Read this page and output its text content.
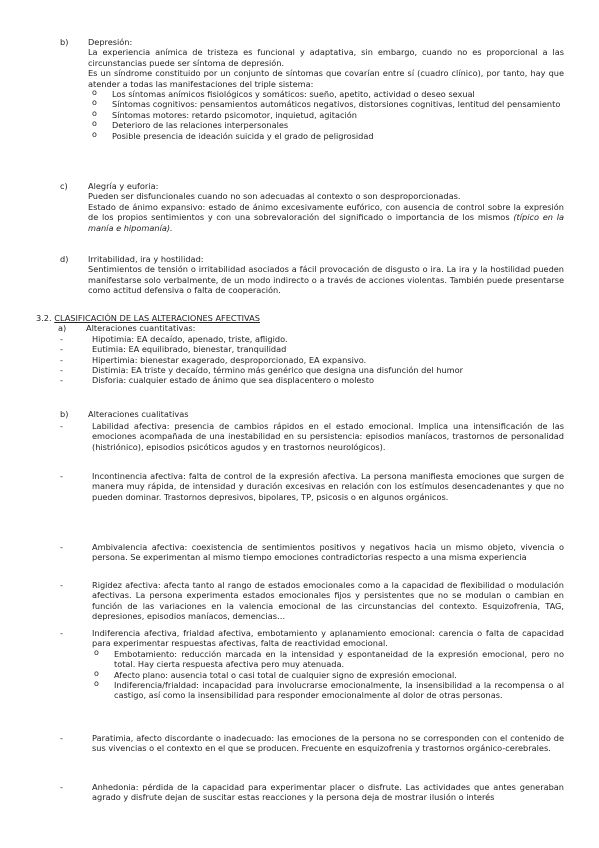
b)	Depresión:

La experiencia anímica de tristeza es funcional y adaptativa, sin embargo, cuando no es proporcional a las circunstancias puede ser síntoma de depresión.

Es un síndrome constituido por un conjunto de síntomas que covarían entre sí (cuadro clínico), por tanto, hay que atender a todas las manifestaciones del triple sistema:

o Los síntomas anímicos fisiológicos y somáticos: sueño, apetito, actividad o deseo sexual
o Síntomas cognitivos: pensamientos automáticos negativos, distorsiones cognitivas, lentitud del pensamiento
o Síntomas motores: retardo psicomotor, inquietud, agitación
o Deterioro de las relaciones interpersonales
o Posible presencia de ideación suicida y el grado de peligrosidad
c)	Alegría y euforia:

Pueden ser disfuncionales cuando no son adecuadas al contexto o son desproporcionadas.

Estado de ánimo expansivo: estado de ánimo excesivamente eufórico, con ausencia de control sobre la expresión de los propios sentimientos y con una sobrevaloración del significado o importancia de los mismos (típico en la manía e hipomanía).

d)	Irritabilidad, ira y hostilidad:

Sentimientos de tensión o irritabilidad asociados a fácil provocación de disgusto o ira. La ira y la hostilidad pueden manifestarse solo verbalmente, de un modo indirecto o a través de acciones violentas. También puede presentarse como actitud defensiva o falta de cooperación.

3.2. CLASIFICACIÓN DE LAS ALTERACIONES AFECTIVAS
a)	Alteraciones cuantitativas:
- Hipotimia: EA decaído, apenado, triste, afligido.
- Eutimia: EA equilibrado, bienestar, tranquilidad
- Hipertimia: bienestar exagerado, desproporcionado, EA expansivo.
- Distimia: EA triste y decaído, término más genérico que designa una disfunción del humor
- Disforia: cualquier estado de ánimo que sea displacentero o molesto
b)	Alteraciones cualitativas

- Labilidad afectiva: presencia de cambios rápidos en el estado emocional. Implica una intensificación de las emociones acompañada de una inestabilidad en su persistencia: episodios maníacos, trastornos de personalidad (histriónico), episodios psicóticos agudos y en trastornos neurológicos).

- Incontinencia afectiva: falta de control de la expresión afectiva. La persona manifiesta emociones que surgen de manera muy rápida, de intensidad y duración excesivas en relación con los estímulos desencadenantes y que no pueden dominar. Trastornos depresivos, bipolares, TP, psicosis o en algunos orgánicos.

- Ambivalencia afectiva: coexistencia de sentimientos positivos y negativos hacia un mismo objeto, vivencia o persona. Se experimentan al mismo tiempo emociones contradictorias respecto a una misma experiencia

- Rigidez afectiva: afecta tanto al rango de estados emocionales como a la capacidad de flexibilidad o modulación afectivas. La persona experimenta estados emocionales fijos y persistentes que no se modulan o cambian en función de las variaciones en la valencia emocional de las circunstancias del contexto. Esquizofrenia, TAG, depresiones, episodios maníacos, demencias…

- Indiferencia afectiva, frialdad afectiva, embotamiento y aplanamiento emocional: carencia o falta de capacidad para experimentar respuestas afectivas, falta de reactividad emocional.

o Embotamiento: reducción marcada en la intensidad y espontaneidad de la expresión emocional, pero no total. Hay cierta respuesta afectiva pero muy atenuada.
o Afecto plano: ausencia total o casi total de cualquier signo de expresión emocional.
o Indiferencia/frialdad: incapacidad para involucrarse emocionalmente, la insensibilidad a la recompensa o al castigo, así como la insensibilidad para responder emocionalmente al dolor de otras personas.

- Paratimia, afecto discordante o inadecuado: las emociones de la persona no se corresponden con el contenido de sus vivencias o el contexto en el que se producen. Frecuente en esquizofrenia y trastornos orgánico-cerebrales.

- Anhedonia: pérdida de la capacidad para experimentar placer o disfrute. Las actividades que antes generaban agrado y disfrute dejan de suscitar estas reacciones y la persona deja de mostrar ilusión o interés
